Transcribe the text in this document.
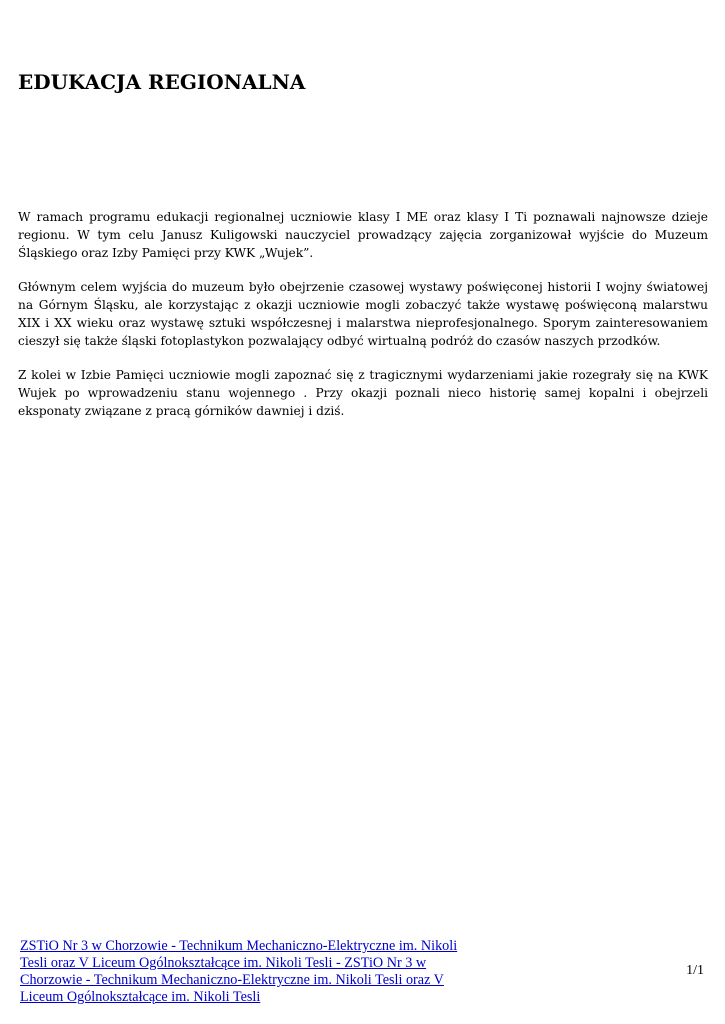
EDUKACJA REGIONALNA

W ramach programu edukacji regionalnej uczniowie klasy I ME oraz klasy I Ti poznawali najnowsze dzieje regionu. W tym celu Janusz Kuligowski nauczyciel prowadzący zajęcia zorganizował wyjście do Muzeum Śląskiego oraz Izby Pamięci przy KWK „Wujek”.

Głównym celem wyjścia do muzeum było obejrzenie czasowej wystawy poświęconej historii I wojny światowej na Górnym Śląsku, ale korzystając z okazji uczniowie mogli zobaczyć także wystawę poświęconą malarstwu XIX i XX wieku oraz wystawę sztuki współczesnej i malarstwa nieprofesjonalnego. Sporym zainteresowaniem cieszył się także śląski fotoplastykon pozwalający odbyć wirtualną podróż do czasów naszych przodków.

Z kolei w Izbie Pamięci uczniowie mogli zapoznać się z tragicznymi wydarzeniami jakie rozegrały się na KWK Wujek po wprowadzeniu stanu wojennego . Przy okazji poznali nieco historię samej kopalni i obejrzeli eksponaty związane z pracą górników dawniej i dziś.

ZSTiO Nr 3 w Chorzowie - Technikum Mechaniczno-Elektryczne im. Nikoli Tesli oraz V Liceum Ogólnokształcące im. Nikoli Tesli - ZSTiO Nr 3 w Chorzowie - Technikum Mechaniczno-Elektryczne im. Nikoli Tesli oraz V Liceum Ogólnokształcące im. Nikoli Tesli
1/1
